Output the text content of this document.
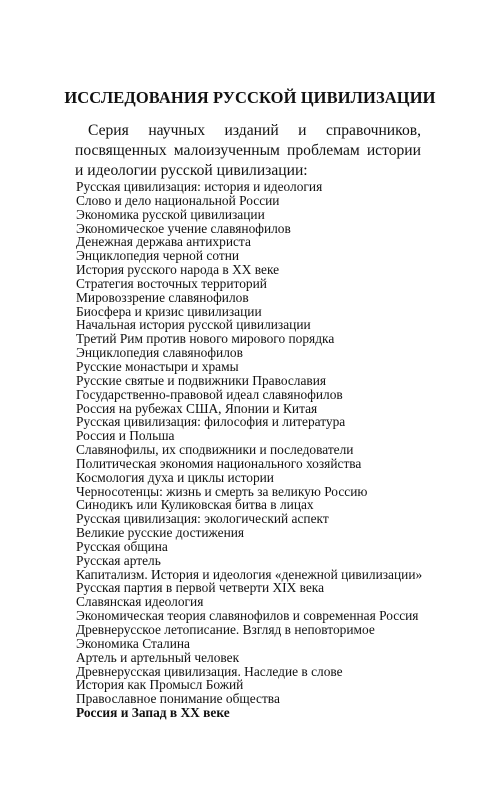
ИССЛЕДОВАНИЯ РУССКОЙ ЦИВИЛИЗАЦИИ
Серия научных изданий и справочников, посвященных малоизученным проблемам истории и идеологии русской цивилизации:
Русская цивилизация: история и идеология
Слово и дело национальной России
Экономика русской цивилизации
Экономическое учение славянофилов
Денежная держава антихриста
Энциклопедия черной сотни
История русского народа в XX веке
Стратегия восточных территорий
Мировоззрение славянофилов
Биосфера и кризис цивилизации
Начальная история русской цивилизации
Третий Рим против нового мирового порядка
Энциклопедия славянофилов
Русские монастыри и храмы
Русские святые и подвижники Православия
Государственно-правовой идеал славянофилов
Россия на рубежах США, Японии и Китая
Русская цивилизация: философия и литература
Россия и Польша
Славянофилы, их сподвижники и последователи
Политическая экономия национального хозяйства
Космология духа и циклы истории
Черносотенцы: жизнь и смерть за великую Россию
Синодикъ или Куликовская битва в лицах
Русская цивилизация: экологический аспект
Великие русские достижения
Русская община
Русская артель
Капитализм. История и идеология «денежной цивилизации»
Русская партия в первой четверти XIX века
Славянская идеология
Экономическая теория славянофилов и современная Россия
Древнерусское летописание. Взгляд в неповторимое
Экономика Сталина
Артель и артельный человек
Древнерусская цивилизация. Наследие в слове
История как Промысл Божий
Православное понимание общества
Россия и Запад в XX веке
